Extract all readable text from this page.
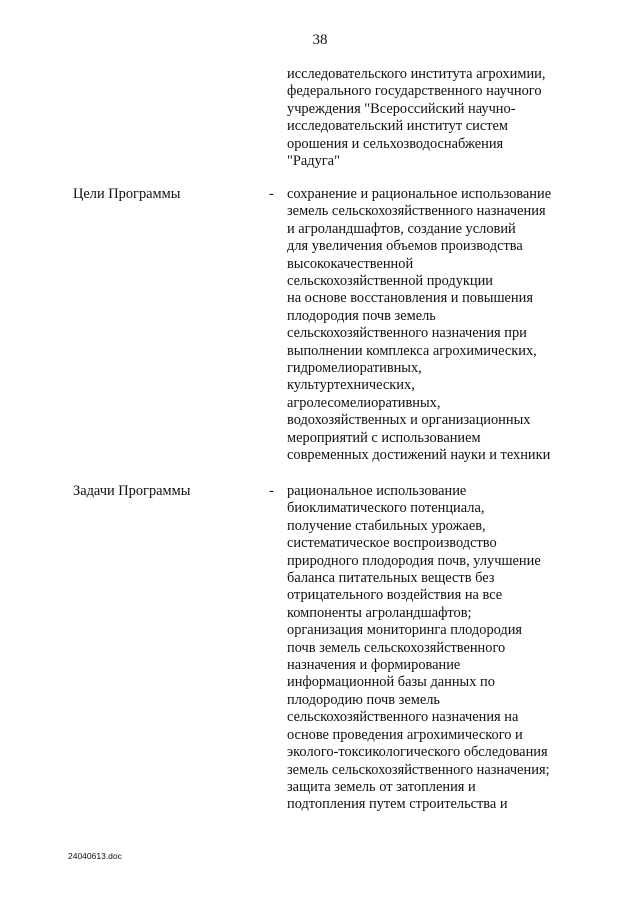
38
исследовательского института агрохимии,
федерального государственного научного
учреждения "Всероссийский научно-
исследовательский институт систем
орошения и сельхозводоснабжения
"Радуга"
Цели Программы	- сохранение и рациональное использование
земель сельскохозяйственного назначения
и агроландшафтов, создание условий
для увеличения объемов производства
высококачественной
сельскохозяйственной продукции
на основе восстановления и повышения
плодородия почв земель
сельскохозяйственного назначения при
выполнении комплекса агрохимических,
гидромелиоративных,
культуртехнических,
агролесомелиоративных,
водохозяйственных и организационных
мероприятий с использованием
современных достижений науки и техники
Задачи Программы	- рациональное использование
биоклиматического потенциала,
получение стабильных урожаев,
систематическое воспроизводство
природного плодородия почв, улучшение
баланса питательных веществ без
отрицательного воздействия на все
компоненты агроландшафтов;
организация мониторинга плодородия
почв земель сельскохозяйственного
назначения и формирование
информационной базы данных по
плодородию почв земель
сельскохозяйственного назначения на
основе проведения агрохимического и
эколого-токсикологического обследования
земель сельскохозяйственного назначения;
защита земель от затопления и
подтопления путем строительства и
24040613.doc
